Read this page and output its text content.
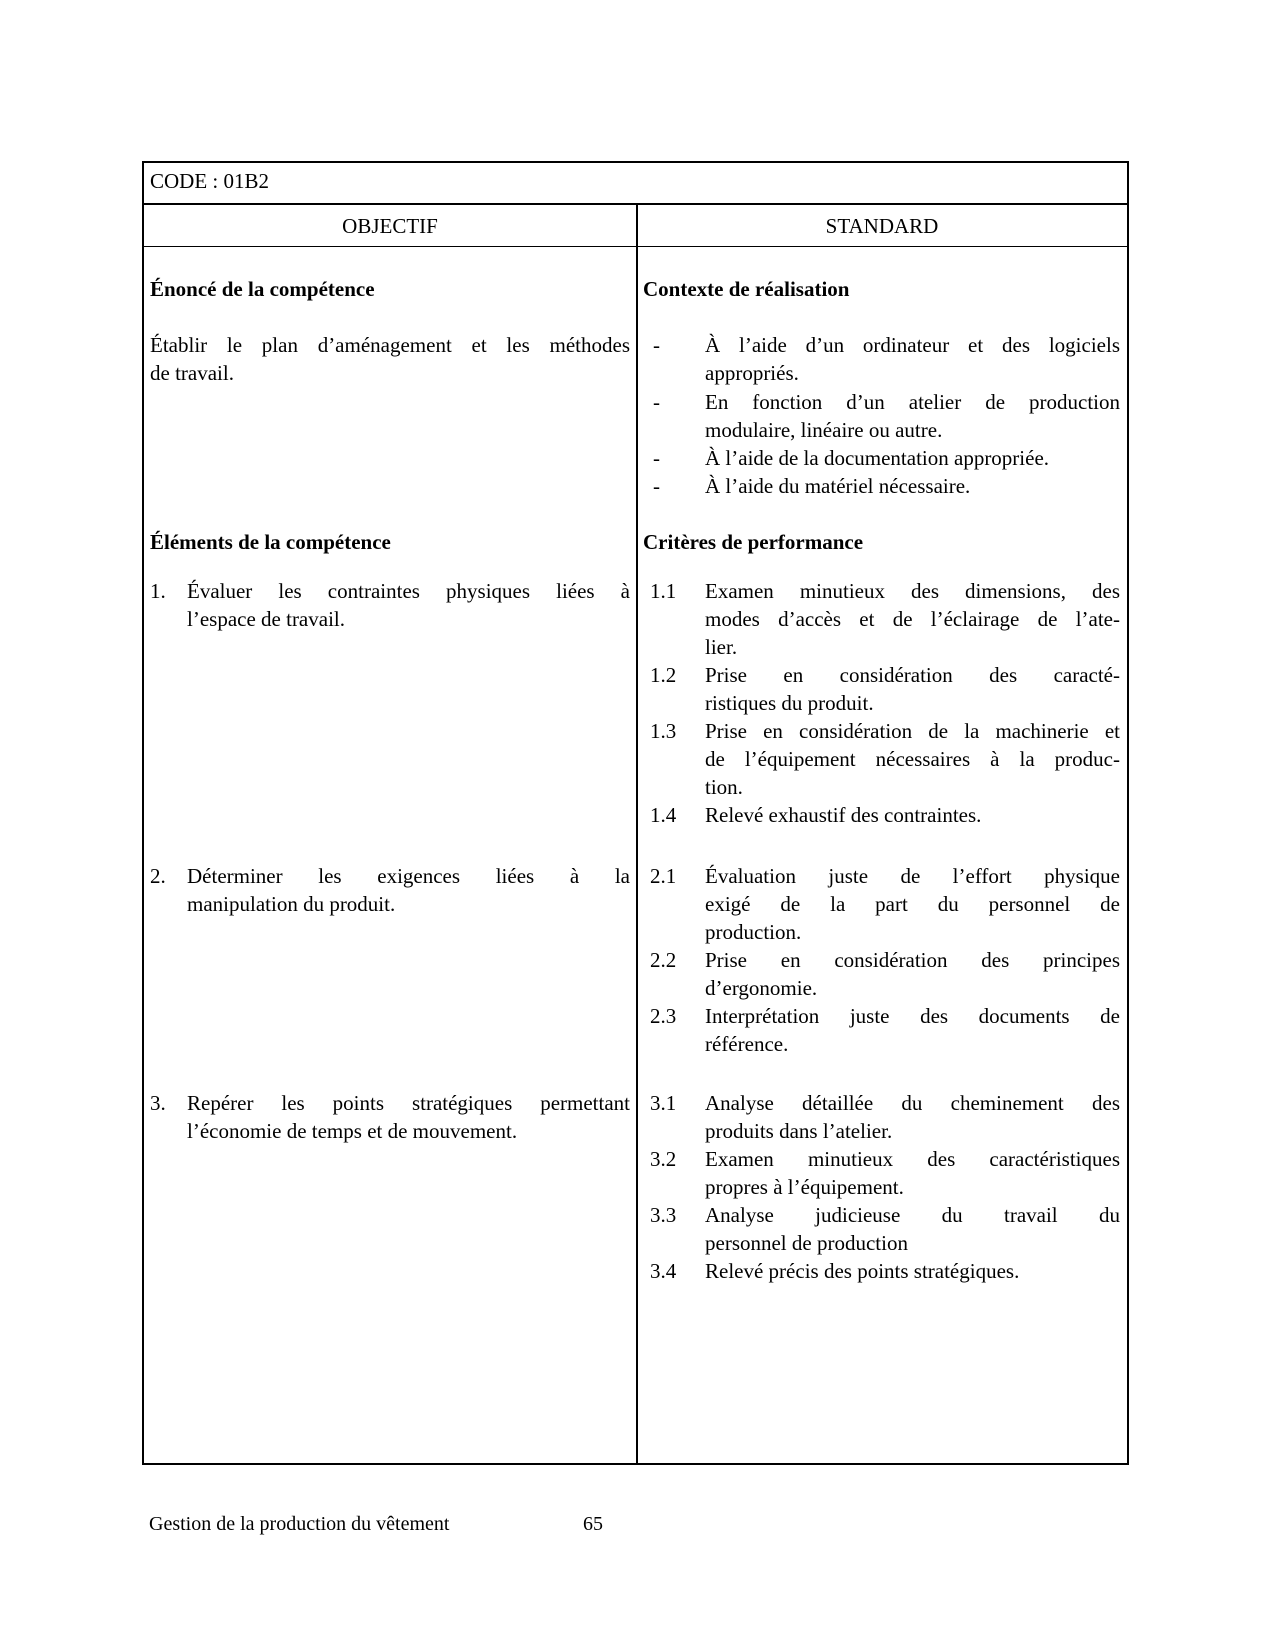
CODE : 01B2
OBJECTIF	STANDARD
Énoncé de la compétence
Établir le plan d’aménagement et les méthodes
de travail.
Éléments de la compétence
1. Évaluer les contraintes physiques liées à
l’espace de travail.
2. Déterminer les exigences liées à la
manipulation du produit.
3. Repérer les points stratégiques permettant
l’économie de temps et de mouvement.
Contexte de réalisation
- À l’aide d’un ordinateur et des logiciels
appropriés.
- En fonction d’un atelier de production
modulaire, linéaire ou autre.
- À l’aide de la documentation appropriée.
- À l’aide du matériel nécessaire.
Critères de performance
1.1 Examen minutieux des dimensions, des
modes d’accès et de l’éclairage de l’ate-
lier.
1.2 Prise en considération des caracté-
ristiques du produit.
1.3 Prise en considération de la machinerie et
de l’équipement nécessaires à la produc-
tion.
1.4 Relevé exhaustif des contraintes.
2.1 Évaluation juste de l’effort physique
exigé de la part du personnel de
production.
2.2 Prise en considération des principes
d’ergonomie.
2.3 Interprétation juste des documents de
référence.
3.1 Analyse détaillée du cheminement des
produits dans l’atelier.
3.2 Examen minutieux des caractéristiques
propres à l’équipement.
3.3 Analyse judicieuse du travail du
personnel de production
3.4 Relevé précis des points stratégiques.
Gestion de la production du vêtement	65
